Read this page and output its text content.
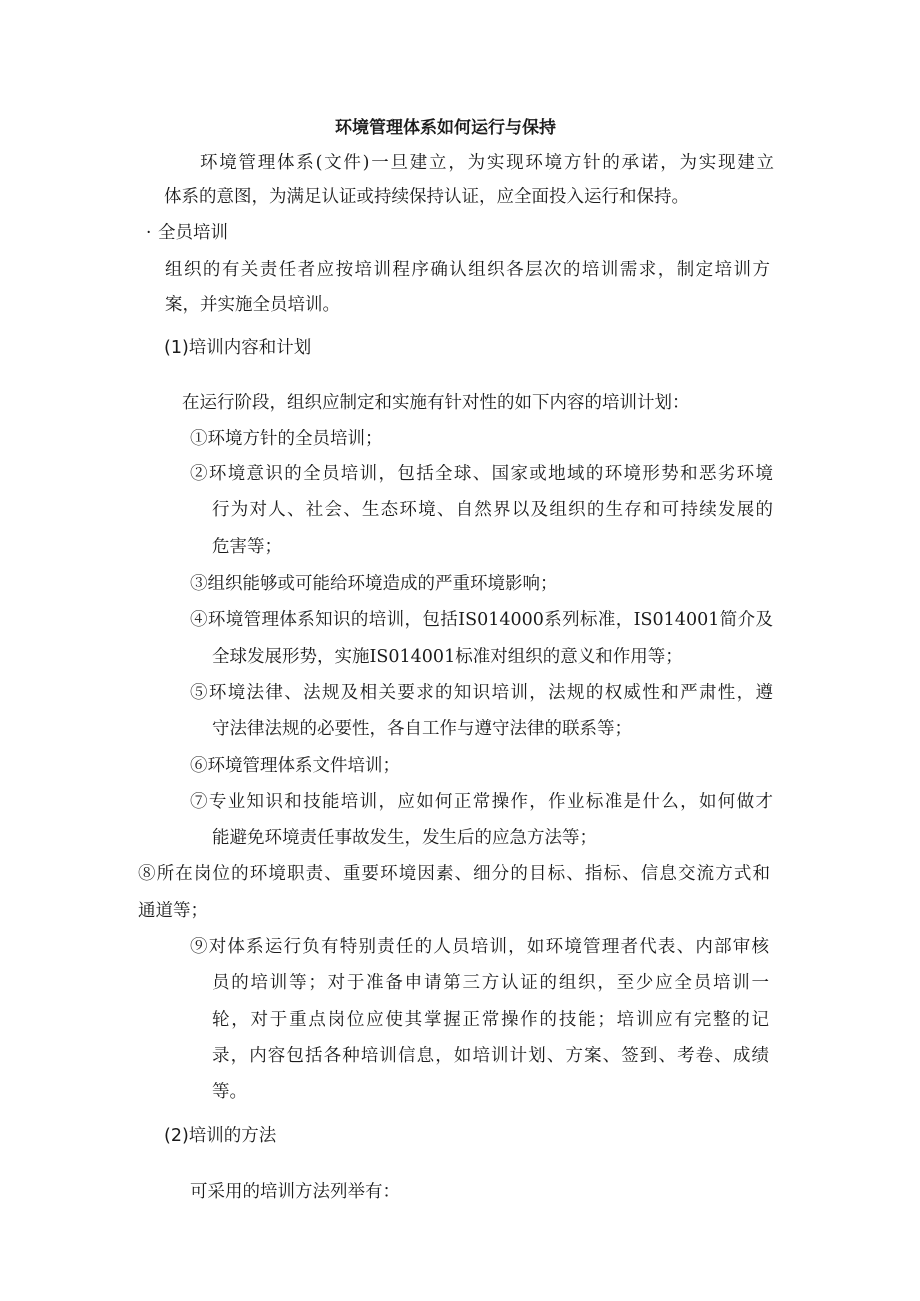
环境管理体系如何运行与保持
环境管理体系(文件)一旦建立，为实现环境方针的承诺，为实现建立
体系的意图，为满足认证或持续保持认证，应全面投入运行和保持。
· 全员培训
组织的有关责任者应按培训程序确认组织各层次的培训需求，制定培训方
案，并实施全员培训。
(1)培训内容和计划
在运行阶段，组织应制定和实施有针对性的如下内容的培训计划：
①环境方针的全员培训；
②环境意识的全员培训，包括全球、国家或地域的环境形势和恶劣环境
行为对人、社会、生态环境、自然界以及组织的生存和可持续发展的
危害等；
③组织能够或可能给环境造成的严重环境影响；
④环境管理体系知识的培训，包括IS014000系列标准，IS014001简介及
全球发展形势，实施IS014001标准对组织的意义和作用等；
⑤环境法律、法规及相关要求的知识培训，法规的权威性和严肃性，遵
守法律法规的必要性，各自工作与遵守法律的联系等；
⑥环境管理体系文件培训；
⑦专业知识和技能培训，应如何正常操作，作业标准是什么，如何做才
能避免环境责任事故发生，发生后的应急方法等；
⑧所在岗位的环境职责、重要环境因素、细分的目标、指标、信息交流方式和
通道等；
⑨对体系运行负有特别责任的人员培训，如环境管理者代表、内部审核
员的培训等；对于准备申请第三方认证的组织，至少应全员培训一
轮，对于重点岗位应使其掌握正常操作的技能；培训应有完整的记
录，内容包括各种培训信息，如培训计划、方案、签到、考卷、成绩
等。
(2)培训的方法
可采用的培训方法列举有：
